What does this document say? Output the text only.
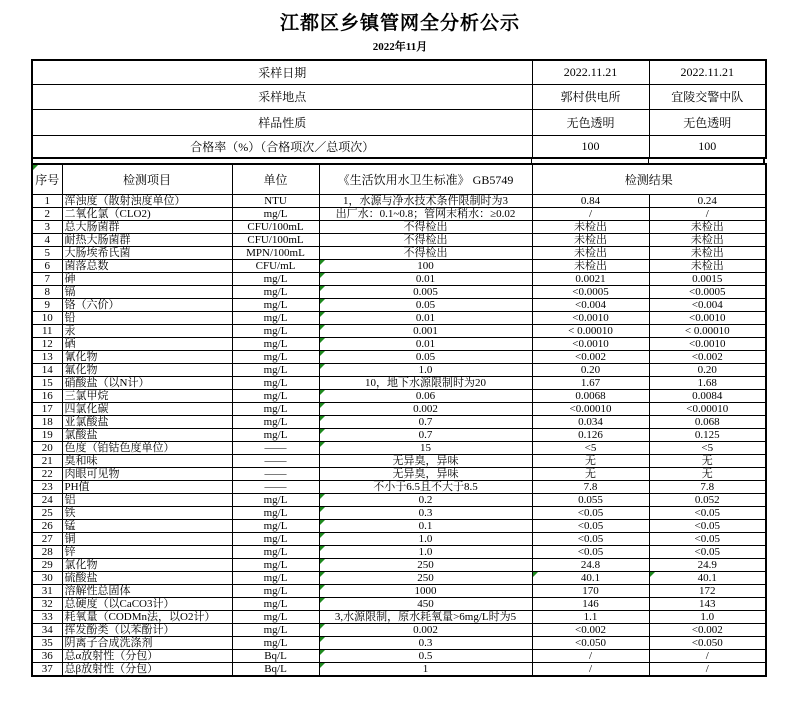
江都区乡镇管网全分析公示
2022年11月
采样日期	2022.11.21	2022.11.21
采样地点	郭村供电所	宜陵交警中队
样品性质	无色透明	无色透明
合格率（%）（合格项次／总项次）	100	100
序号	检测项目	单位	《生活饮用水卫生标准》 GB5749	检测结果	
1	浑浊度（散射浊度单位）	NTU	1，水源与净水技术条件限制时为3	0.84	0.24
2	二氧化氯（CLO2)	mg/L	出厂水：0.1~0.8；管网末稍水：≥0.02	/	/
3	总大肠菌群	CFU/100mL	不得检出	未检出	未检出
4	耐热大肠菌群	CFU/100mL	不得检出	未检出	未检出
5	大肠埃希氏菌	MPN/100mL	不得检出	未检出	未检出
6	菌落总数	CFU/mL	100	未检出	未检出
7	砷	mg/L	0.01	0.0021	0.0015
8	镉	mg/L	0.005	<0.0005	<0.0005
9	铬（六价）	mg/L	0.05	<0.004	<0.004
10	铅	mg/L	0.01	<0.0010	<0.0010
11	汞	mg/L	0.001	< 0.00010	< 0.00010
12	硒	mg/L	0.01	<0.0010	<0.0010
13	氰化物	mg/L	0.05	<0.002	<0.002
14	氟化物	mg/L	1.0	0.20	0.20
15	硝酸盐（以N计）	mg/L	10，地下水源限制时为20	1.67	1.68
16	三氯甲烷	mg/L	0.06	0.0068	0.0084
17	四氯化碳	mg/L	0.002	<0.00010	<0.00010
18	亚氯酸盐	mg/L	0.7	0.034	0.068
19	氯酸盐	mg/L	0.7	0.126	0.125
20	色度（铂钴色度单位）	——	15	<5	<5
21	臭和味	——	无异臭，异味	无	无
22	肉眼可见物	——	无异臭，异味	无	无
23	PH值	——	不小于6.5且不大于8.5	7.8	7.8
24	铝	mg/L	0.2	0.055	0.052
25	铁	mg/L	0.3	<0.05	<0.05
26	锰	mg/L	0.1	<0.05	<0.05
27	铜	mg/L	1.0	<0.05	<0.05
28	锌	mg/L	1.0	<0.05	<0.05
29	氯化物	mg/L	250	24.8	24.9
30	硫酸盐	mg/L	250	40.1	40.1
31	溶解性总固体	mg/L	1000	170	172
32	总硬度（以CaCO3计）	mg/L	450	146	143
33	耗氧量（CODMn法，以O2计）	mg/L	3,水源限制，原水耗氧量>6mg/L时为5	1.1	1.0
34	挥发酚类（以苯酚计）	mg/L	0.002	<0.002	<0.002
35	阴离子合成洗涤剂	mg/L	0.3	<0.050	<0.050
36	总α放射性（分包）	Bq/L	0.5	/	/
37	总β放射性（分包）	Bq/L	1	/	/
